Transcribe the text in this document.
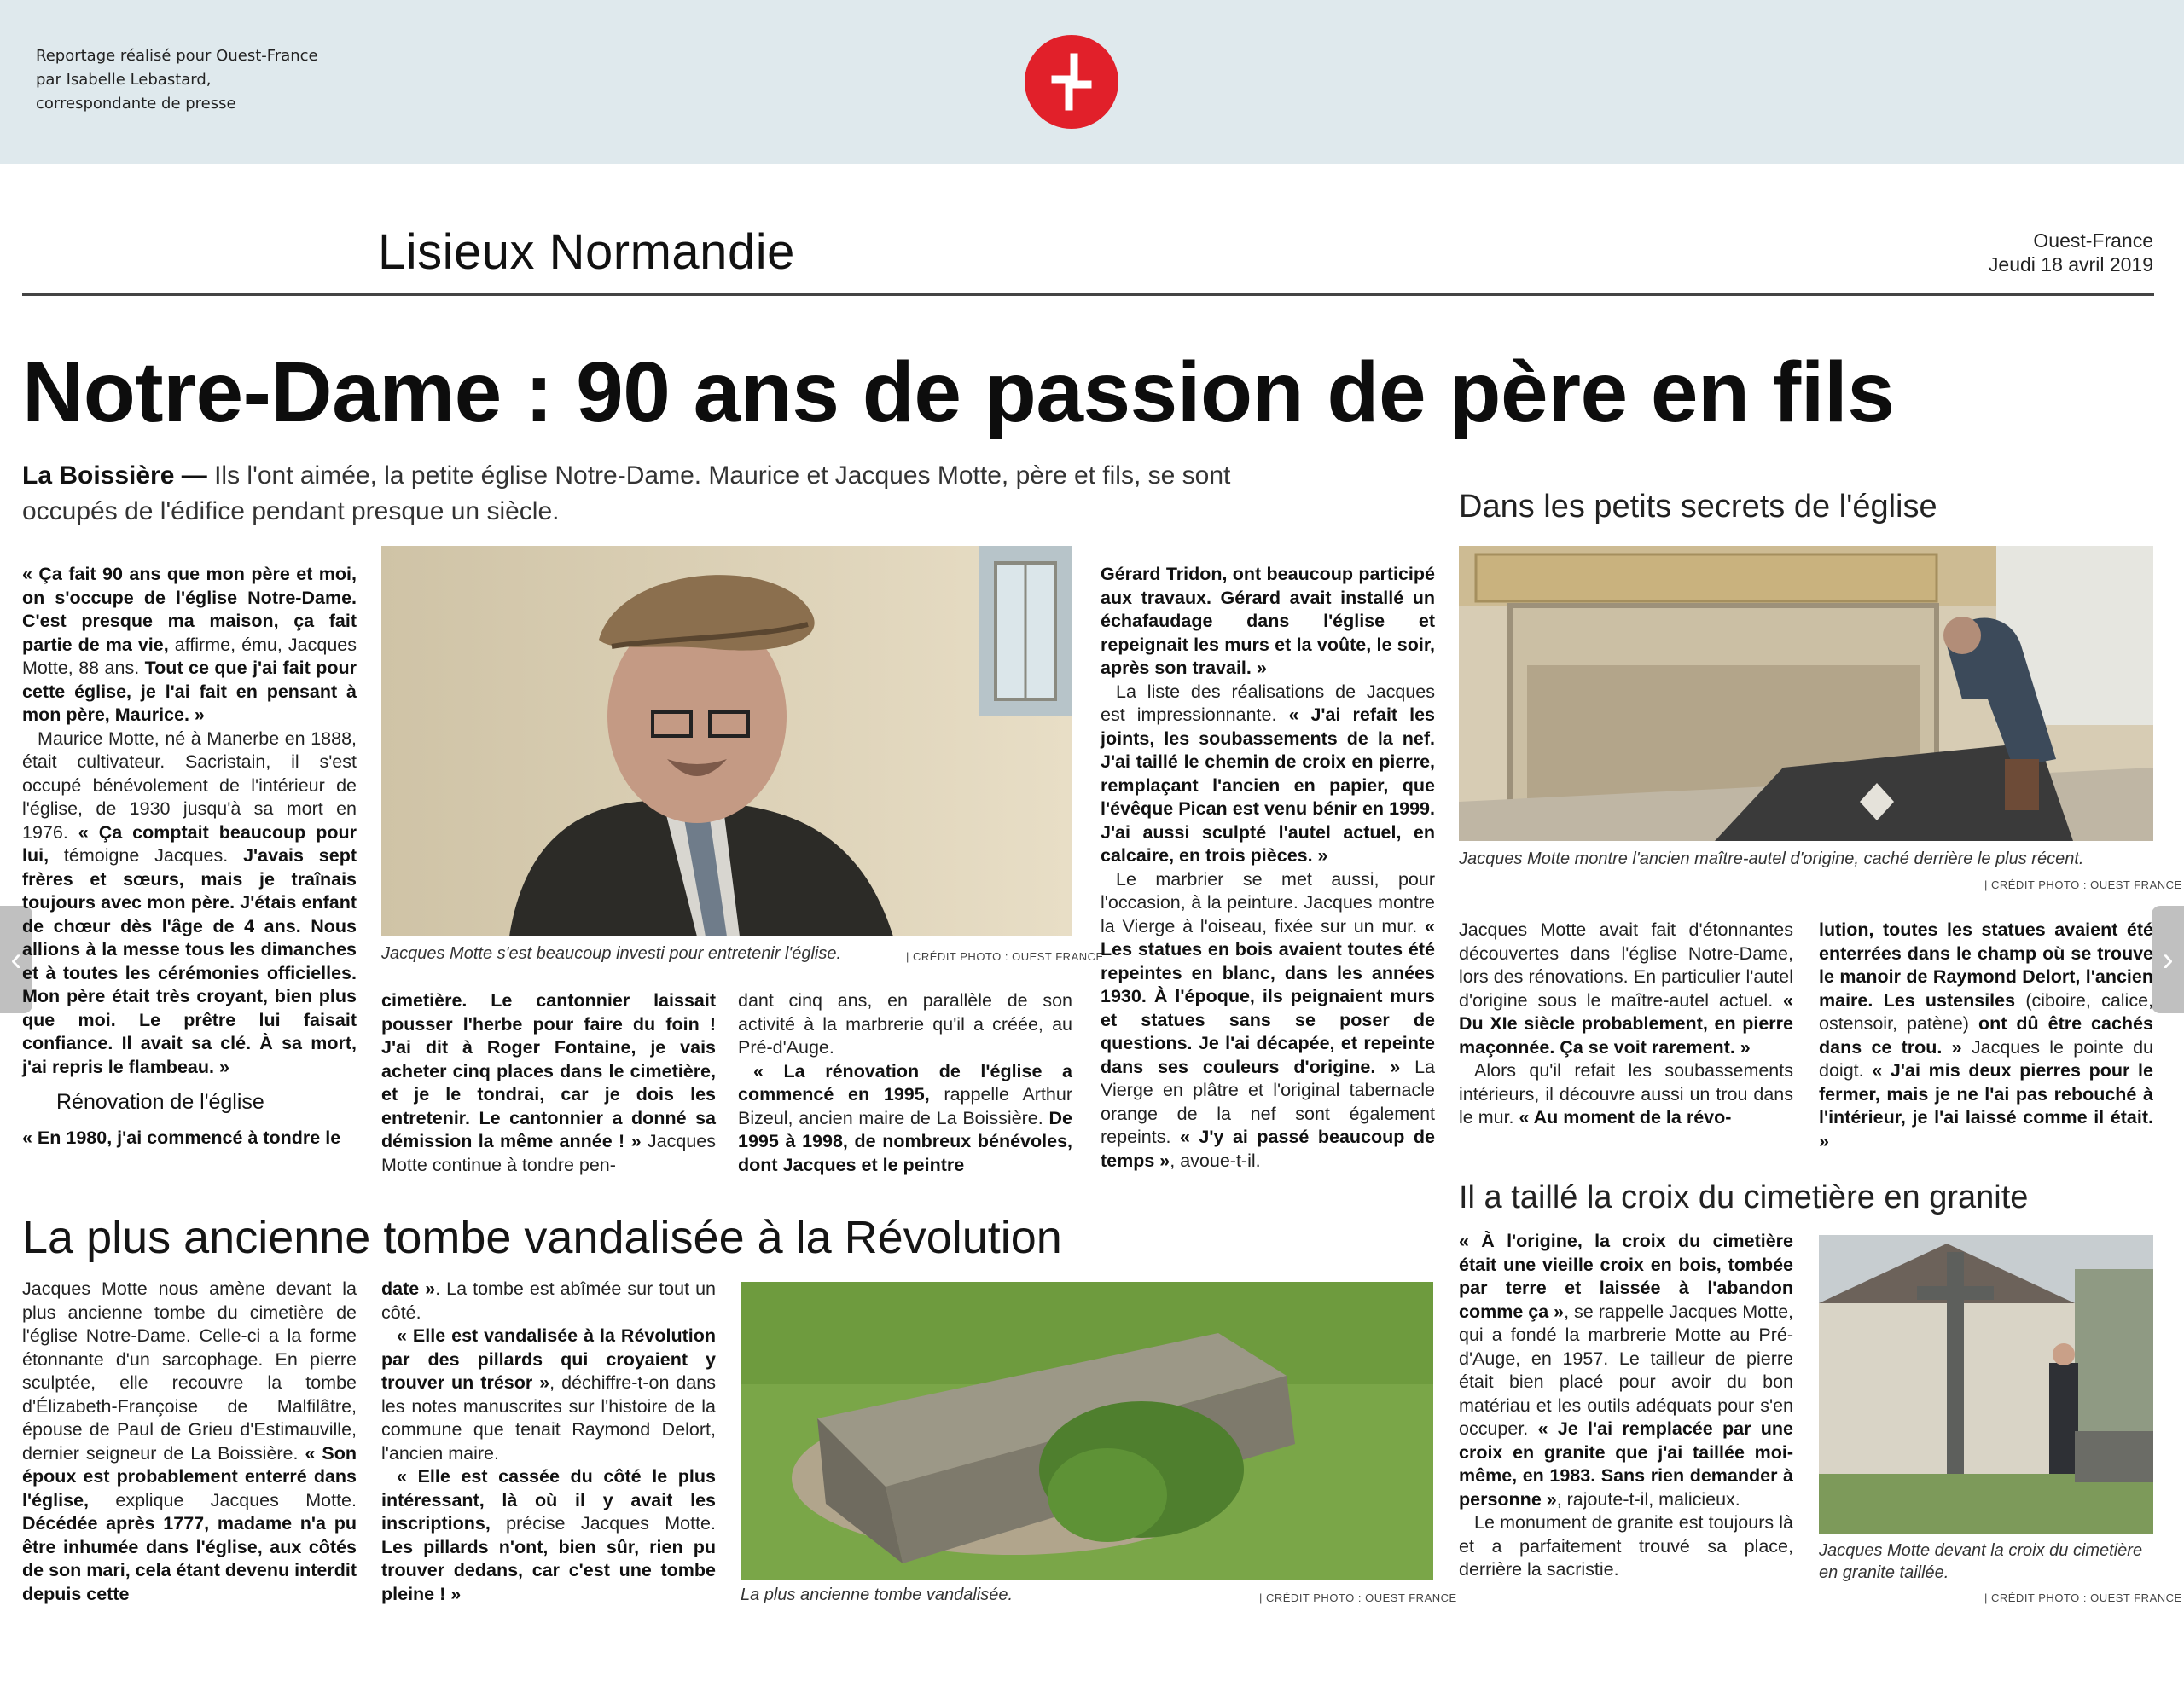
Reportage réalisé pour Ouest-France
par Isabelle Lebastard,
correspondante de presse
‹	›
Lisieux Normandie	Ouest-France
Jeudi 18 avril 2019
Notre-Dame : 90 ans de passion de père en fils
La Boissière — Ils l'ont aimée, la petite église Notre-Dame. Maurice et Jacques Motte, père et fils, se sont occupés de l'édifice pendant presque un siècle.

« Ça fait 90 ans que mon père et moi, on s'occupe de l'église Notre-Dame. C'est presque ma maison, ça fait partie de ma vie, affirme, ému, Jacques Motte, 88 ans. Tout ce que j'ai fait pour cette église, je l'ai fait en pensant à mon père, Maurice. »

Maurice Motte, né à Manerbe en 1888, était cultivateur. Sacristain, il s'est occupé bénévolement de l'intérieur de l'église, de 1930 jusqu'à sa mort en 1976. « Ça comptait beaucoup pour lui, témoigne Jacques. J'avais sept frères et sœurs, mais je traînais toujours avec mon père. J'étais enfant de chœur dès l'âge de 4 ans. Nous allions à la messe tous les dimanches et à toutes les cérémonies officielles. Mon père était très croyant, bien plus que moi. Le prêtre lui faisait confiance. Il avait sa clé. À sa mort, j'ai repris le flambeau. »

Rénovation de l'église

« En 1980, j'ai commencé à tondre le

Jacques Motte s'est beaucoup investi pour entretenir l'église.	| CRÉDIT PHOTO : OUEST FRANCE

cimetière. Le cantonnier laissait pousser l'herbe pour faire du foin ! J'ai dit à Roger Fontaine, je vais acheter cinq places dans le cimetière, et je le tondrai, car je dois les entretenir. Le cantonnier a donné sa démission la même année ! » Jacques Motte continue à tondre pen-

dant cinq ans, en parallèle de son activité à la marbrerie qu'il a créée, au Pré-d'Auge.

« La rénovation de l'église a commencé en 1995, rappelle Arthur Bizeul, ancien maire de La Boissière. De 1995 à 1998, de nombreux bénévoles, dont Jacques et le peintre

Gérard Tridon, ont beaucoup participé aux travaux. Gérard avait installé un échafaudage dans l'église et repeignait les murs et la voûte, le soir, après son travail. »

La liste des réalisations de Jacques est impressionnante. « J'ai refait les joints, les soubassements de la nef. J'ai taillé le chemin de croix en pierre, remplaçant l'ancien en papier, que l'évêque Pican est venu bénir en 1999. J'ai aussi sculpté l'autel actuel, en calcaire, en trois pièces. »

Le marbrier se met aussi, pour l'occasion, à la peinture. Jacques montre la Vierge à l'oiseau, fixée sur un mur. « Les statues en bois avaient toutes été repeintes en blanc, dans les années 1930. À l'époque, ils peignaient murs et statues sans se poser de questions. Je l'ai décapée, et repeinte dans ses couleurs d'origine. » La Vierge en plâtre et l'original tabernacle orange de la nef sont également repeints. « J'y ai passé beaucoup de temps », avoue-t-il.

Dans les petits secrets de l'église
Jacques Motte montre l'ancien maître-autel d'origine, caché derrière le plus récent.
| CRÉDIT PHOTO : OUEST FRANCE

Jacques Motte avait fait d'étonnantes découvertes dans l'église Notre-Dame, lors des rénovations. En particulier l'autel d'origine sous le maître-autel actuel. « Du XIe siècle probablement, en pierre maçonnée. Ça se voit rarement. »

Alors qu'il refait les soubassements intérieurs, il découvre aussi un trou dans le mur. « Au moment de la révo-

lution, toutes les statues avaient été enterrées dans le champ où se trouve le manoir de Raymond Delort, l'ancien maire. Les ustensiles (ciboire, calice, ostensoir, patène) ont dû être cachés dans ce trou. » Jacques le pointe du doigt. « J'ai mis deux pierres pour le fermer, mais je ne l'ai pas rebouché à l'intérieur, je l'ai laissé comme il était. »

La plus ancienne tombe vandalisée à la Révolution

Jacques Motte nous amène devant la plus ancienne tombe du cimetière de l'église Notre-Dame. Celle-ci a la forme étonnante d'un sarcophage. En pierre sculptée, elle recouvre la tombe d'Élizabeth-Françoise de Malfilâtre, épouse de Paul de Grieu d'Estimauville, dernier seigneur de La Boissière. « Son époux est probablement enterré dans l'église, explique Jacques Motte. Décédée après 1777, madame n'a pu être inhumée dans l'église, aux côtés de son mari, cela étant devenu interdit depuis cette

date ». La tombe est abîmée sur tout un côté.

« Elle est vandalisée à la Révolution par des pillards qui croyaient y trouver un trésor », déchiffre-t-on dans les notes manuscrites sur l'histoire de la commune que tenait Raymond Delort, l'ancien maire.

« Elle est cassée du côté le plus intéressant, là où il y avait les inscriptions, précise Jacques Motte. Les pillards n'ont, bien sûr, rien pu trouver dedans, car c'est une tombe pleine ! »	La plus ancienne tombe vandalisée.	| CRÉDIT PHOTO : OUEST FRANCE
Il a taillé la croix du cimetière en granite

« À l'origine, la croix du cimetière était une vieille croix en bois, tombée par terre et laissée à l'abandon comme ça », se rappelle Jacques Motte, qui a fondé la marbrerie Motte au Pré-d'Auge, en 1957. Le tailleur de pierre était bien placé pour avoir du bon matériau et les outils adéquats pour s'en occuper. « Je l'ai remplacée par une croix en granite que j'ai taillée moi-même, en 1983. Sans rien demander à personne », rajoute-t-il, malicieux.

Le monument de granite est toujours là et a parfaitement trouvé sa place, derrière la sacristie.

Jacques Motte devant la croix du cimetière en granite taillée.
| CRÉDIT PHOTO : OUEST FRANCE
